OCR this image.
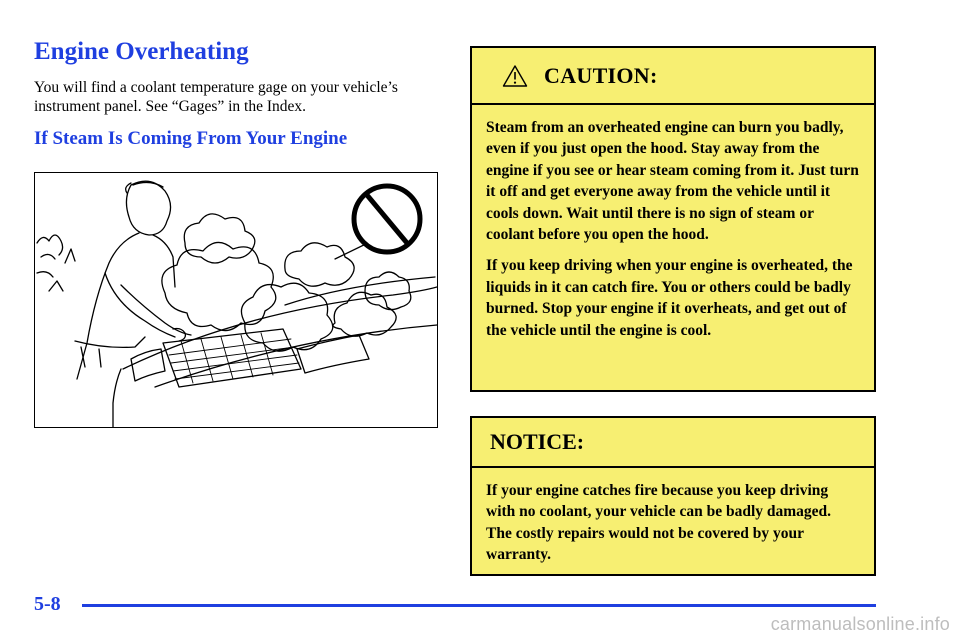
Engine Overheating

You will find a coolant temperature gage on your vehicle’s instrument panel. See “Gages” in the Index.

If Steam Is Coming From Your Engine
CAUTION:

Steam from an overheated engine can burn you badly, even if you just open the hood. Stay away from the engine if you see or hear steam coming from it. Just turn it off and get everyone away from the vehicle until it cools down. Wait until there is no sign of steam or coolant before you open the hood.

If you keep driving when your engine is overheated, the liquids in it can catch fire. You or others could be badly burned. Stop your engine if it overheats, and get out of the vehicle until the engine is cool.

NOTICE:

If your engine catches fire because you keep driving with no coolant, your vehicle can be badly damaged. The costly repairs would not be covered by your warranty.

5-8
carmanualsonline.info
